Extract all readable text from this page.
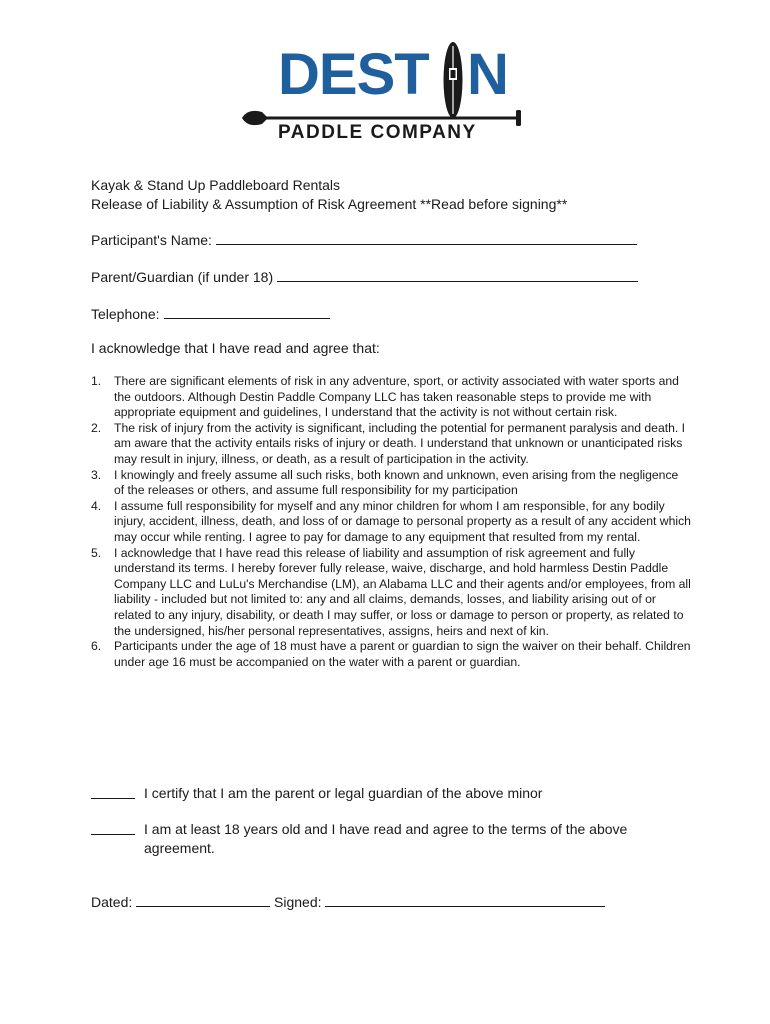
DEST N
PADDLE COMPANY
Kayak & Stand Up Paddleboard Rentals
Release of Liability & Assumption of Risk Agreement **Read before signing**
Participant's Name:
Parent/Guardian (if under 18)
Telephone:
I acknowledge that I have read and agree that:
1. There are significant elements of risk in any adventure, sport, or activity associated with water sports and the outdoors. Although Destin Paddle Company LLC has taken reasonable steps to provide me with appropriate equipment and guidelines, I understand that the activity is not without certain risk.
2. The risk of injury from the activity is significant, including the potential for permanent paralysis and death. I am aware that the activity entails risks of injury or death. I understand that unknown or unanticipated risks may result in injury, illness, or death, as a result of participation in the activity.
3. I knowingly and freely assume all such risks, both known and unknown, even arising from the negligence of the releases or others, and assume full responsibility for my participation
4. I assume full responsibility for myself and any minor children for whom I am responsible, for any bodily injury, accident, illness, death, and loss of or damage to personal property as a result of any accident which may occur while renting. I agree to pay for damage to any equipment that resulted from my rental.
5. I acknowledge that I have read this release of liability and assumption of risk agreement and fully understand its terms. I hereby forever fully release, waive, discharge, and hold harmless Destin Paddle Company LLC and LuLu's Merchandise (LM), an Alabama LLC and their agents and/or employees, from all liability - included but not limited to: any and all claims, demands, losses, and liability arising out of or related to any injury, disability, or death I may suffer, or loss or damage to person or property, as related to the undersigned, his/her personal representatives, assigns, heirs and next of kin.
6. Participants under the age of 18 must have a parent or guardian to sign the waiver on their behalf. Children under age 16 must be accompanied on the water with a parent or guardian.
I certify that I am the parent or legal guardian of the above minor
I am at least 18 years old and I have read and agree to the terms of the above agreement.
Dated:	Signed:
